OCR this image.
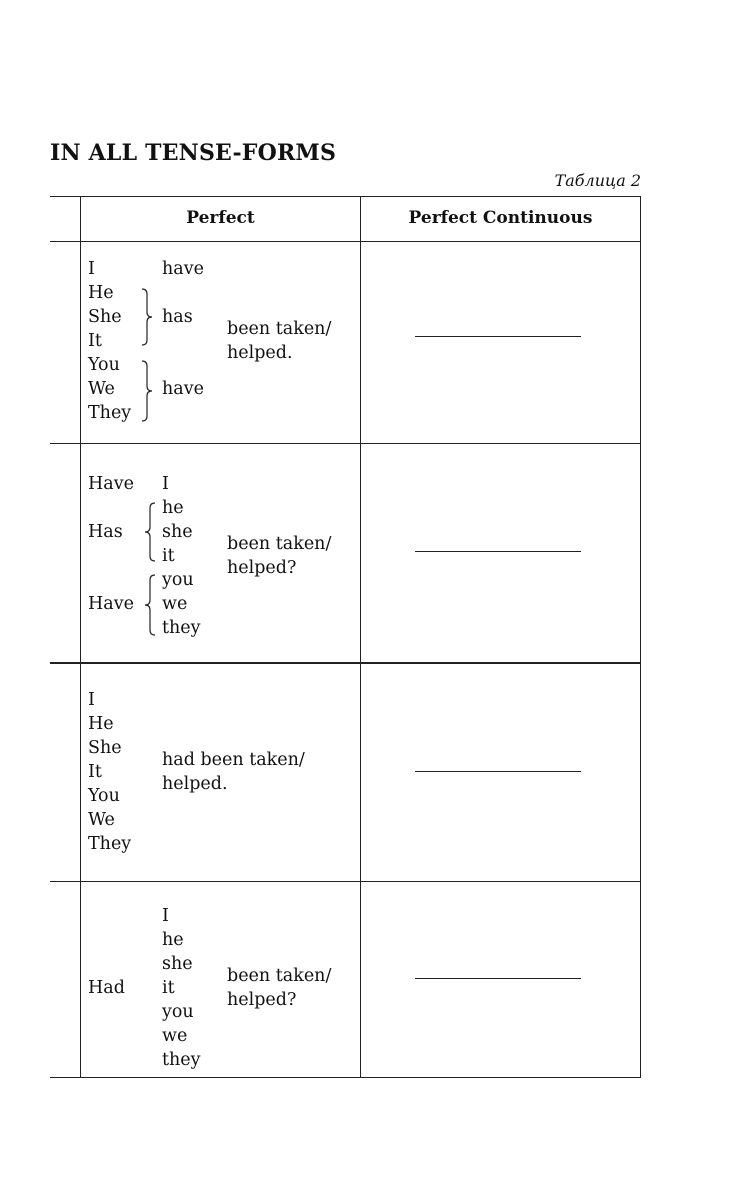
IN ALL TENSE-FORMS
Таблица 2
Perfect	Perfect Continuous
I
He
She
It
You
We
They
have
has
have
been taken/
helped.
Have
Has
Have
I
he
she
it
you
we
they
been taken/
helped?
I
He
She
It
You
We
They
had been taken/
helped.
Had
I
he
she
it
you
we
they
been taken/
helped?
